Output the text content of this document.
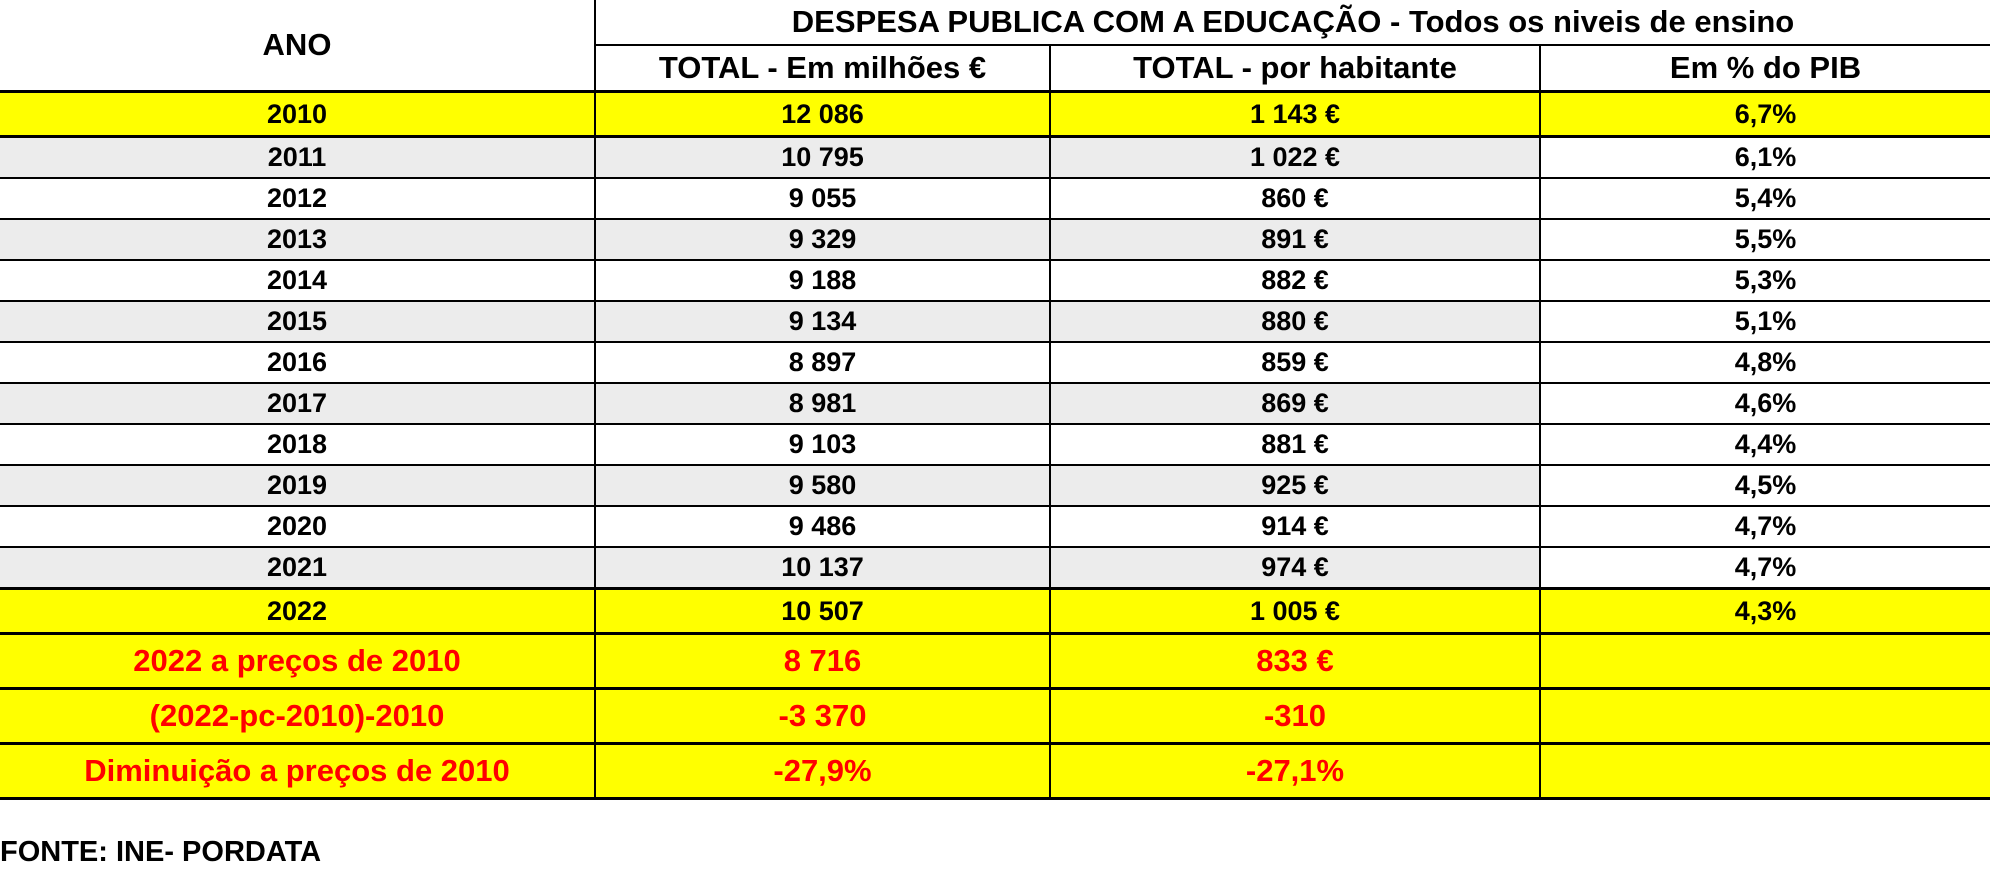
ANO	DESPESA PUBLICA COM A EDUCAÇÃO - Todos os niveis de ensino		
	TOTAL - Em milhões €	TOTAL - por habitante	Em % do PIB
2010	12 086	1 143 €	6,7%
2011	10 795	1 022 €	6,1%
2012	9 055	860 €	5,4%
2013	9 329	891 €	5,5%
2014	9 188	882 €	5,3%
2015	9 134	880 €	5,1%
2016	8 897	859 €	4,8%
2017	8 981	869 €	4,6%
2018	9 103	881 €	4,4%
2019	9 580	925 €	4,5%
2020	9 486	914 €	4,7%
2021	10 137	974 €	4,7%
2022	10 507	1 005 €	4,3%
2022 a preços de 2010	8 716	833 €	
(2022-pc-2010)-2010	-3 370	-310	
Diminuição a preços de 2010	-27,9%	-27,1%	
FONTE: INE- PORDATA
